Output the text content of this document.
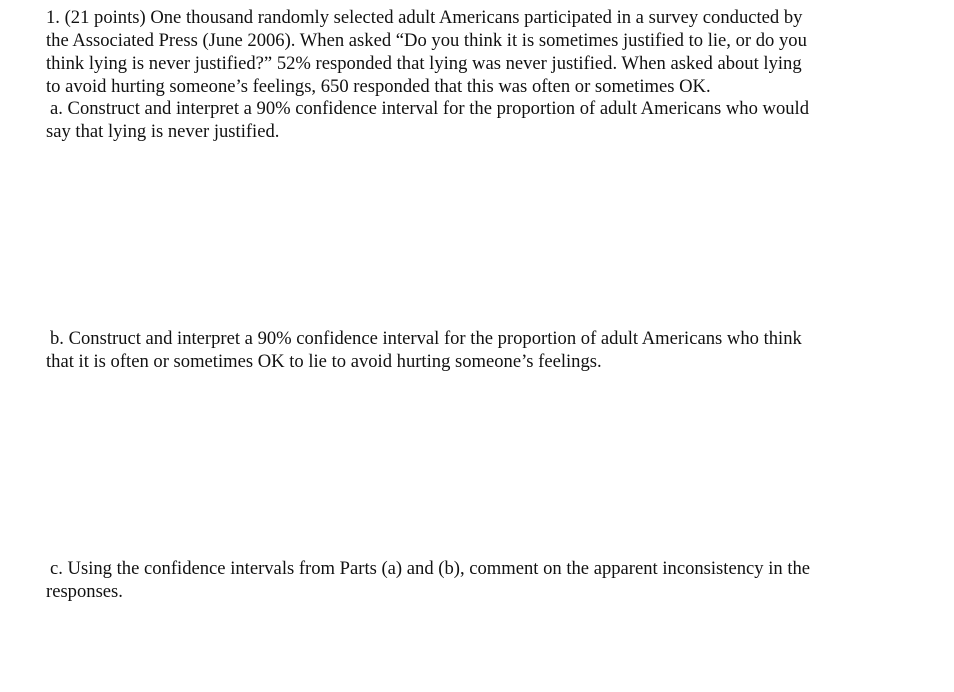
1. (21 points) One thousand randomly selected adult Americans participated in a survey conducted by
the Associated Press (June 2006). When asked “Do you think it is sometimes justified to lie, or do you
think lying is never justified?” 52% responded that lying was never justified. When asked about lying
to avoid hurting someone’s feelings, 650 responded that this was often or sometimes OK.
a. Construct and interpret a 90% confidence interval for the proportion of adult Americans who would
say that lying is never justified.
b. Construct and interpret a 90% confidence interval for the proportion of adult Americans who think
that it is often or sometimes OK to lie to avoid hurting someone’s feelings.
c. Using the confidence intervals from Parts (a) and (b), comment on the apparent inconsistency in the
responses.
